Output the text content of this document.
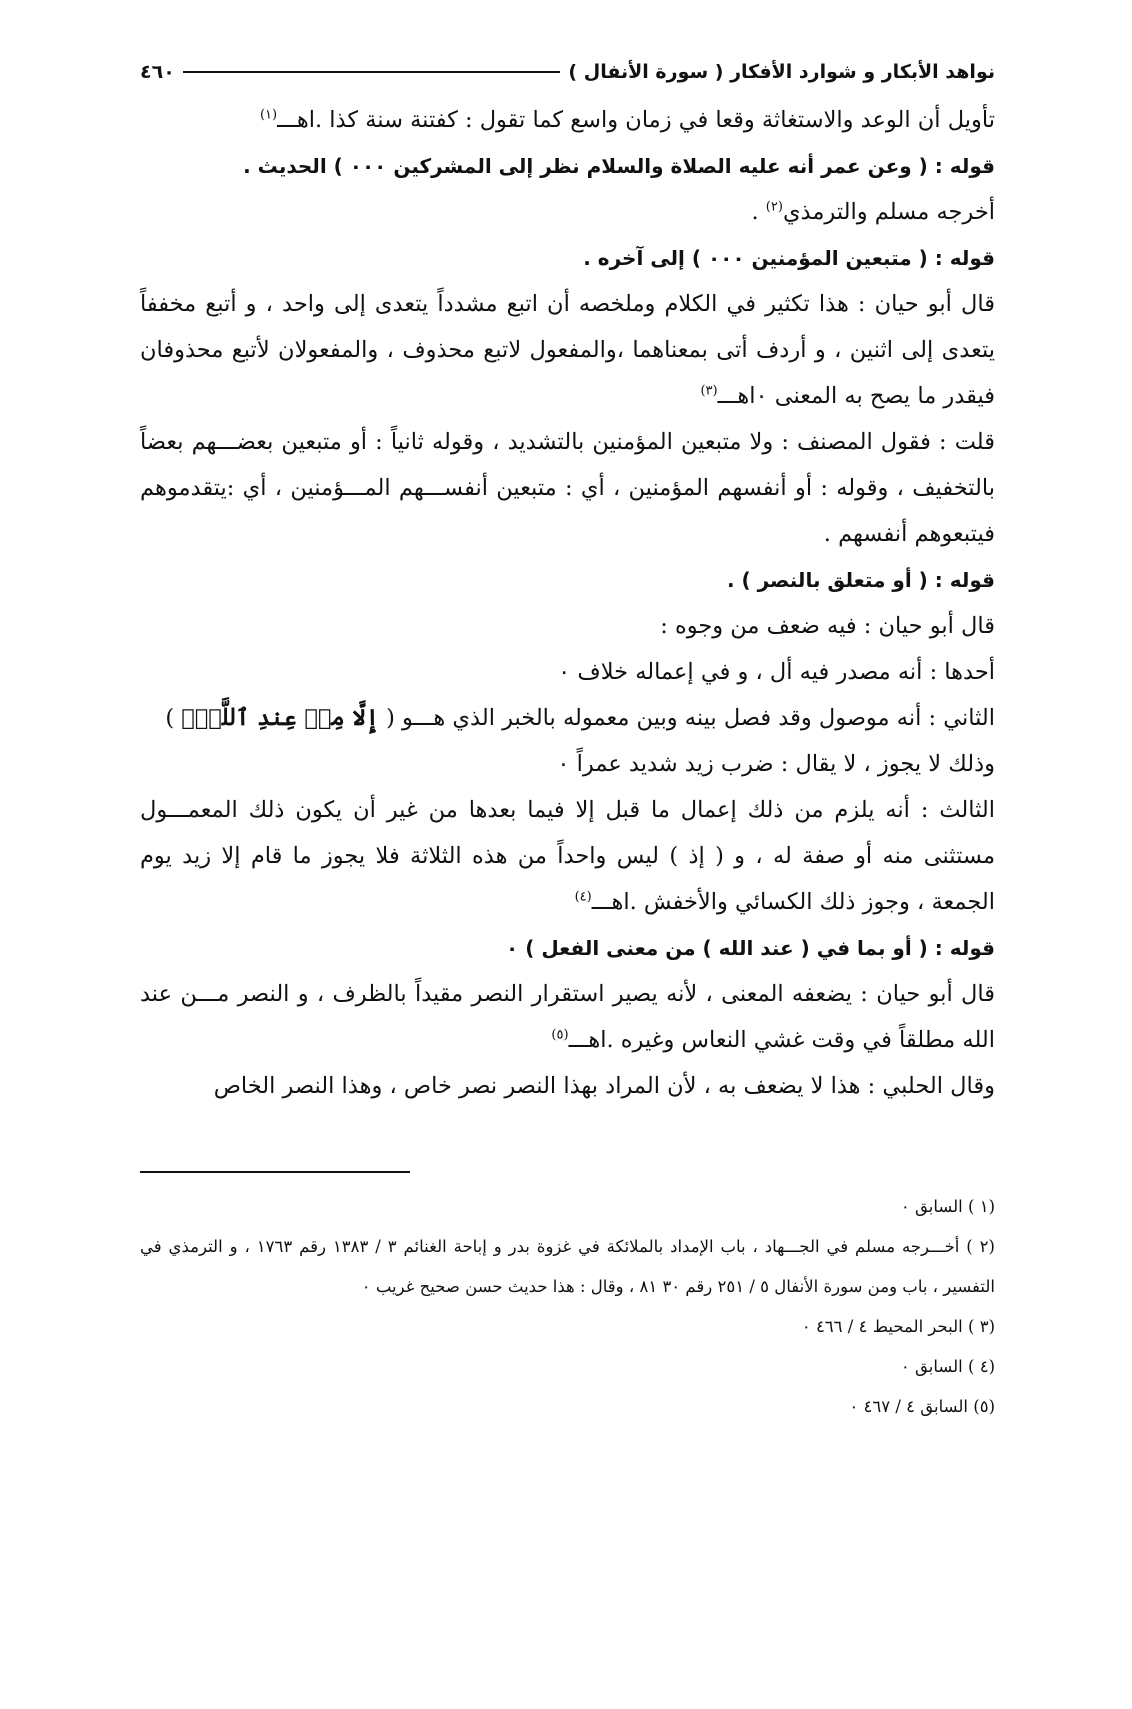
نواهد الأبكار و شوارد الأفكار ( سورة الأنفال )
٤٦٠

تأويل أن الوعد والاستغاثة وقعا في زمان واسع كما تقول : كفتنة سنة كذا .اهـــ$^{(١)}$

قوله : ( وعن عمر أنه عليه الصلاة والسلام نظر إلى المشركين ٠٠٠ ) الحديث .

أخرجه مسلم والترمذي$^{(٢)}$ .

قوله : ( متبعين المؤمنين ٠٠٠ ) إلى آخره .

قال أبو حيان : هذا تكثير في الكلام وملخصه أن اتبع مشدداً يتعدى إلى واحد ، و أتبع مخففاً يتعدى إلى اثنين ، و أردف أتى بمعناهما ،والمفعول لاتبع محذوف ، والمفعولان لأتبع محذوفان فيقدر ما يصح به المعنى ٠اهـــ$^{(٣)}$

قلت : فقول المصنف : ولا متبعين المؤمنين بالتشديد ، وقوله ثانياً : أو متبعين بعضـــهم بعضاً بالتخفيف ، وقوله : أو أنفسهم المؤمنين ، أي : متبعين أنفســـهم المـــؤمنين ، أي :يتقدموهم فيتبعوهم أنفسهم .

قوله : ( أو متعلق بالنصر ) .

قال أبو حيان : فيه ضعف من وجوه :

أحدها : أنه مصدر فيه أل ، و في إعماله خلاف ٠

الثاني : أنه موصول وقد فصل بينه وبين معموله بالخبر الذي هـــو ( إِلَّا مِنۡ عِندِ ٱللَّهِۚ )

وذلك لا يجوز ، لا يقال : ضرب زيد شديد عمراً ٠

الثالث : أنه يلزم من ذلك إعمال ما قبل إلا فيما بعدها من غير أن يكون ذلك المعمـــول مستثنى منه أو صفة له ، و ( إذ ) ليس واحداً من هذه الثلاثة فلا يجوز ما قام إلا زيد يوم الجمعة ، وجوز ذلك الكسائي والأخفش .اهـــ$^{(٤)}$

قوله : ( أو بما في ( عند الله ) من معنى الفعل ) ٠

قال أبو حيان : يضعفه المعنى ، لأنه يصير استقرار النصر مقيداً بالظرف ، و النصر مـــن عند الله مطلقاً في وقت غشي النعاس وغيره .اهـــ$^{(٥)}$

وقال الحلبي : هذا لا يضعف به ، لأن المراد بهذا النصر نصر خاص ، وهذا النصر الخاص

(١ ) السابق ٠

(٢ ) أخـــرجه مسلم في الجـــهاد ، باب الإمداد بالملائكة في غزوة بدر و إباحة الغنائم ٣ / ١٣٨٣ رقم ١٧٦٣ ، و الترمذي في التفسير ، باب ومن سورة الأنفال ٥ / ٢٥١ رقم ٣٠ ٨١ ، وقال : هذا حديث حسن صحيح غريب ٠

(٣ ) البحر المحيط ٤ / ٤٦٦ ٠

(٤ ) السابق ٠

(٥) السابق ٤ / ٤٦٧ ٠
